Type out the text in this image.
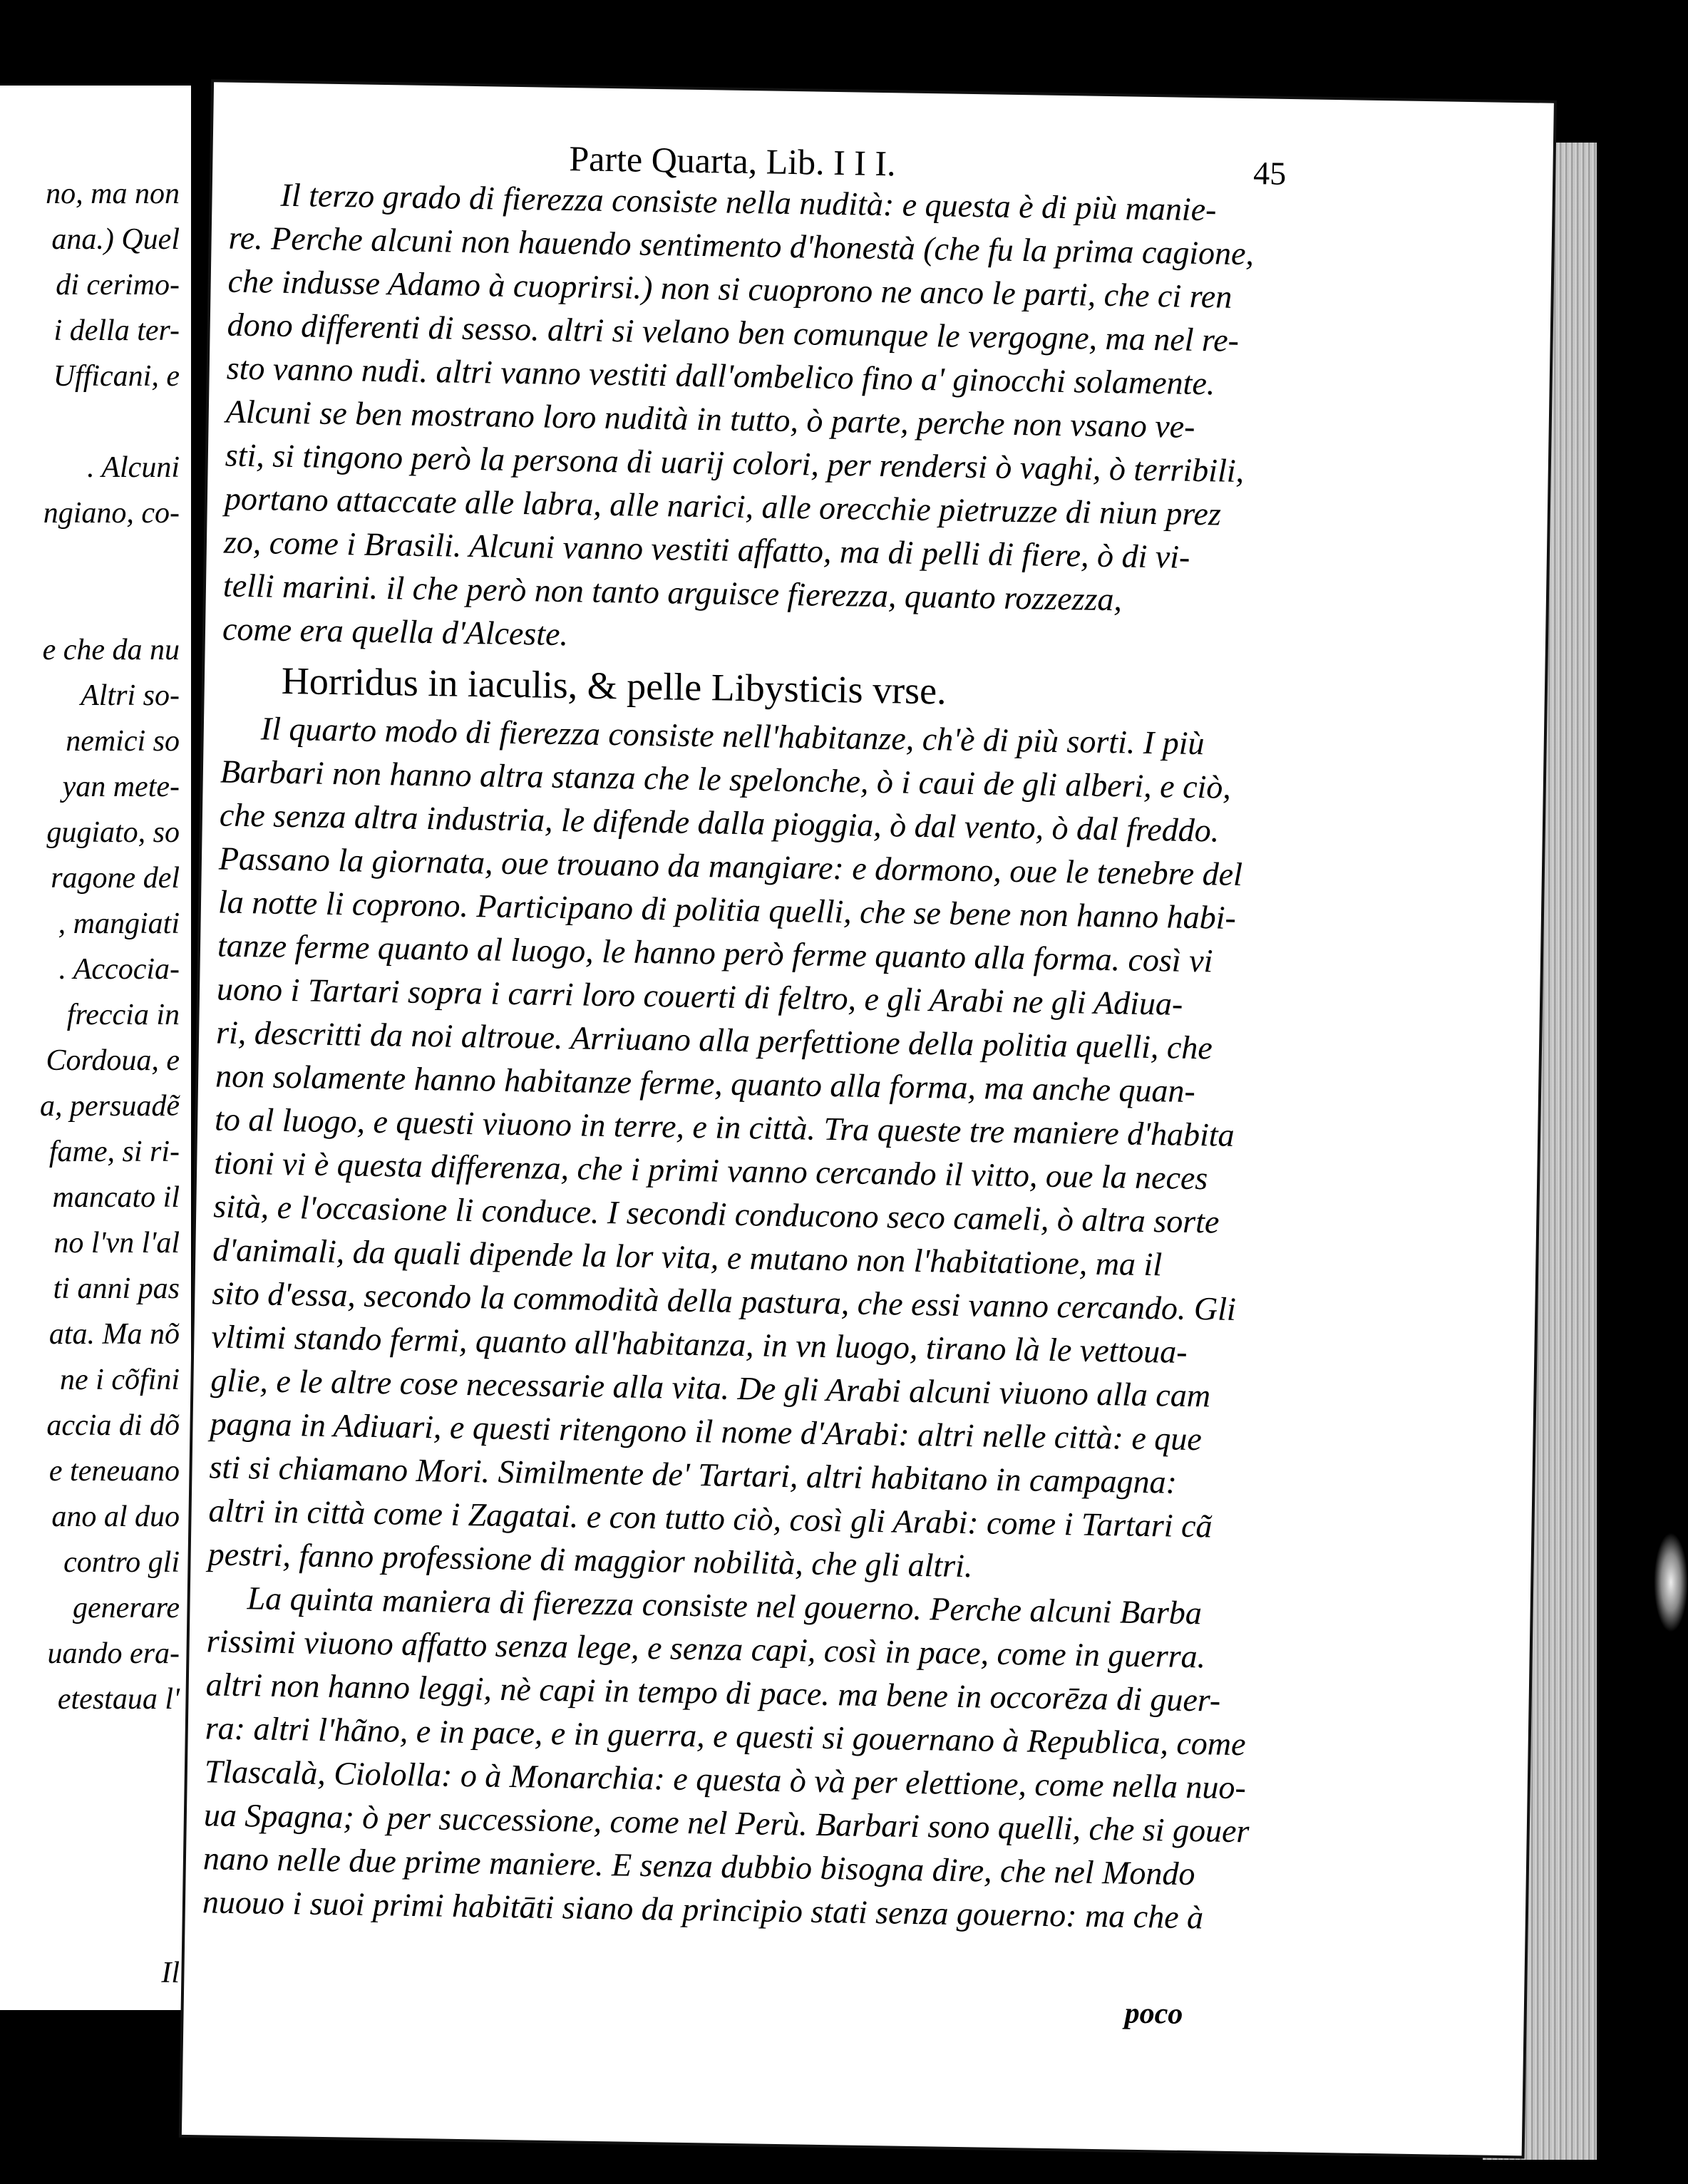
no, ma non
ana.) Quel
di cerimo-
i della ter-
Ufficani, e
. Alcuni
ngiano, co-
e che da nu
Altri so-
nemici so
yan mete-
gugiato, so
ragone del
, mangiati
. Accocia-
freccia in
Cordoua, e
a, persuadẽ
fame, si ri-
mancato il
no l'vn l'al
ti anni pas
ata. Ma nõ
ne i cõfini
accia di dõ
e teneuano
ano al duo
contro gli
generare
uando era-
etestaua l'
Il
Parte Quarta, Lib. I I I.	45
Il terzo grado di fierezza consiste nella nudità: e questa è di più manie-
re. Perche alcuni non hauendo sentimento d'honestà (che fu la prima cagione,
che indusse Adamo à cuoprirsi.) non si cuoprono ne anco le parti, che ci ren
dono differenti di sesso. altri si velano ben comunque le vergogne, ma nel re-
sto vanno nudi. altri vanno vestiti dall'ombelico fino a' ginocchi solamente.
Alcuni se ben mostrano loro nudità in tutto, ò parte, perche non vsano ve-
sti, si tingono però la persona di uarij colori, per rendersi ò vaghi, ò terribili,
portano attaccate alle labra, alle narici, alle orecchie pietruzze di niun prez
zo, come i Brasili. Alcuni vanno vestiti affatto, ma di pelli di fiere, ò di vi-
telli marini. il che però non tanto arguisce fierezza, quanto rozzezza,
come era quella d'Alceste.
Horridus in iaculis, & pelle Libysticis vrse.
Il quarto modo di fierezza consiste nell'habitanze, ch'è di più sorti. I più
Barbari non hanno altra stanza che le spelonche, ò i caui de gli alberi, e ciò,
che senza altra industria, le difende dalla pioggia, ò dal vento, ò dal freddo.
Passano la giornata, oue trouano da mangiare: e dormono, oue le tenebre del
la notte li coprono. Participano di politia quelli, che se bene non hanno habi-
tanze ferme quanto al luogo, le hanno però ferme quanto alla forma. così vi
uono i Tartari sopra i carri loro couerti di feltro, e gli Arabi ne gli Adiua-
ri, descritti da noi altroue. Arriuano alla perfettione della politia quelli, che
non solamente hanno habitanze ferme, quanto alla forma, ma anche quan-
to al luogo, e questi viuono in terre, e in città. Tra queste tre maniere d'habita
tioni vi è questa differenza, che i primi vanno cercando il vitto, oue la neces
sità, e l'occasione li conduce. I secondi conducono seco cameli, ò altra sorte
d'animali, da quali dipende la lor vita, e mutano non l'habitatione, ma il
sito d'essa, secondo la commodità della pastura, che essi vanno cercando. Gli
vltimi stando fermi, quanto all'habitanza, in vn luogo, tirano là le vettoua-
glie, e le altre cose necessarie alla vita. De gli Arabi alcuni viuono alla cam
pagna in Adiuari, e questi ritengono il nome d'Arabi: altri nelle città: e que
sti si chiamano Mori. Similmente de' Tartari, altri habitano in campagna:
altri in città come i Zagatai. e con tutto ciò, così gli Arabi: come i Tartari cã
pestri, fanno professione di maggior nobilità, che gli altri.
La quinta maniera di fierezza consiste nel gouerno. Perche alcuni Barba
rissimi viuono affatto senza lege, e senza capi, così in pace, come in guerra.
altri non hanno leggi, nè capi in tempo di pace. ma bene in occorēza di guer-
ra: altri l'hãno, e in pace, e in guerra, e questi si gouernano à Republica, come
Tlascalà, Ciololla: o à Monarchia: e questa ò và per elettione, come nella nuo-
ua Spagna; ò per successione, come nel Perù. Barbari sono quelli, che si gouer
nano nelle due prime maniere. E senza dubbio bisogna dire, che nel Mondo
nuouo i suoi primi habitāti siano da principio stati senza gouerno: ma che à
poco
⁀
